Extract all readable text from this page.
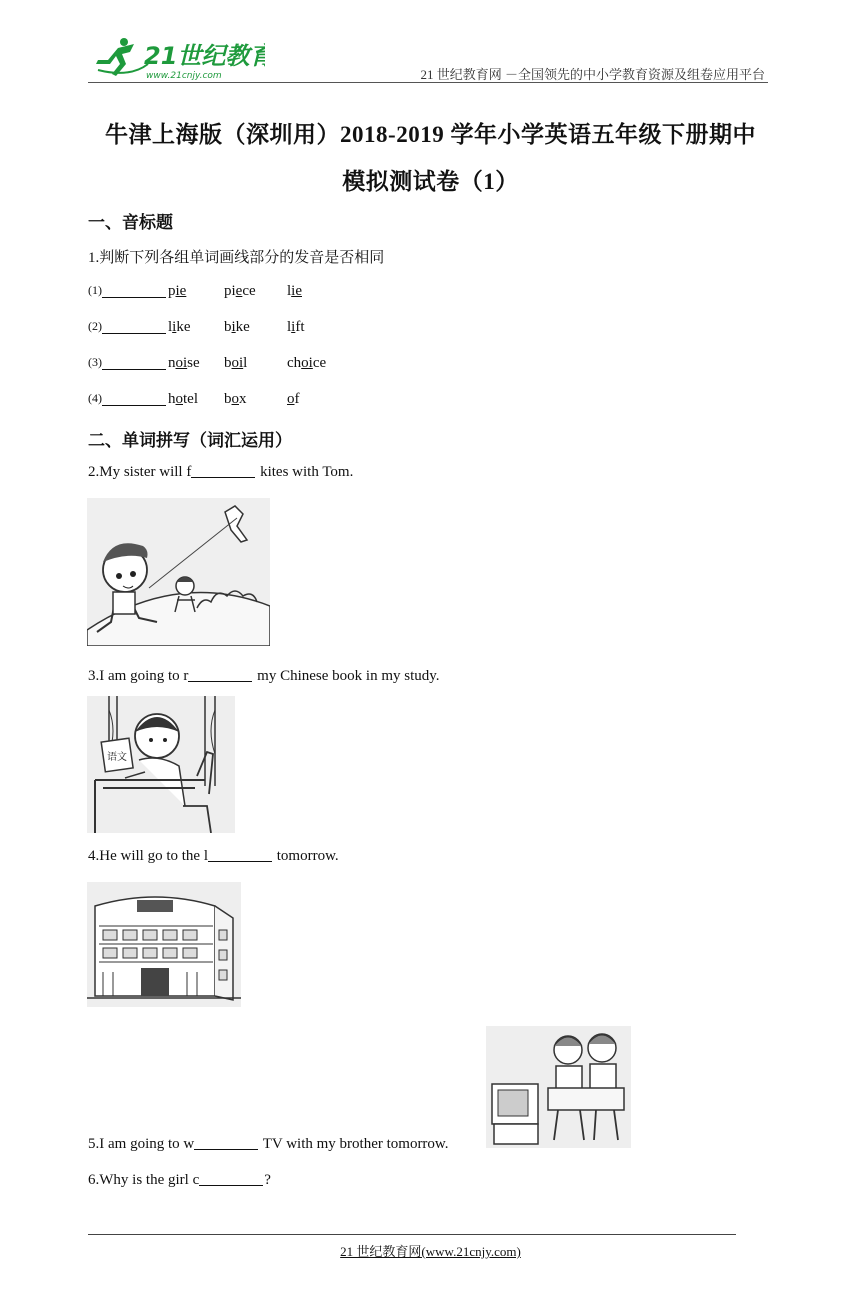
21世纪教育
www.21cnjy.com	21 世纪教育网 －全国领先的中小学教育资源及组卷应用平台
牛津上海版（深圳用）2018-2019 学年小学英语五年级下册期中
模拟测试卷（1）
一、音标题
1.判断下列各组单词画线部分的发音是否相同
(1)	pie	piece lie
(2)	like bike lift
(3)	noise boil	choice
(4)	hotel box	of
二、单词拼写（词汇运用）
2.My sister will f	kites with Tom.
3.I am going to r	my Chinese book in my study.
语文
4.He will go to the l	tomorrow.
5.I am going to w	TV with my brother tomorrow.
6.Why is the girl c	?
21 世纪教育网(www.21cnjy.com)
